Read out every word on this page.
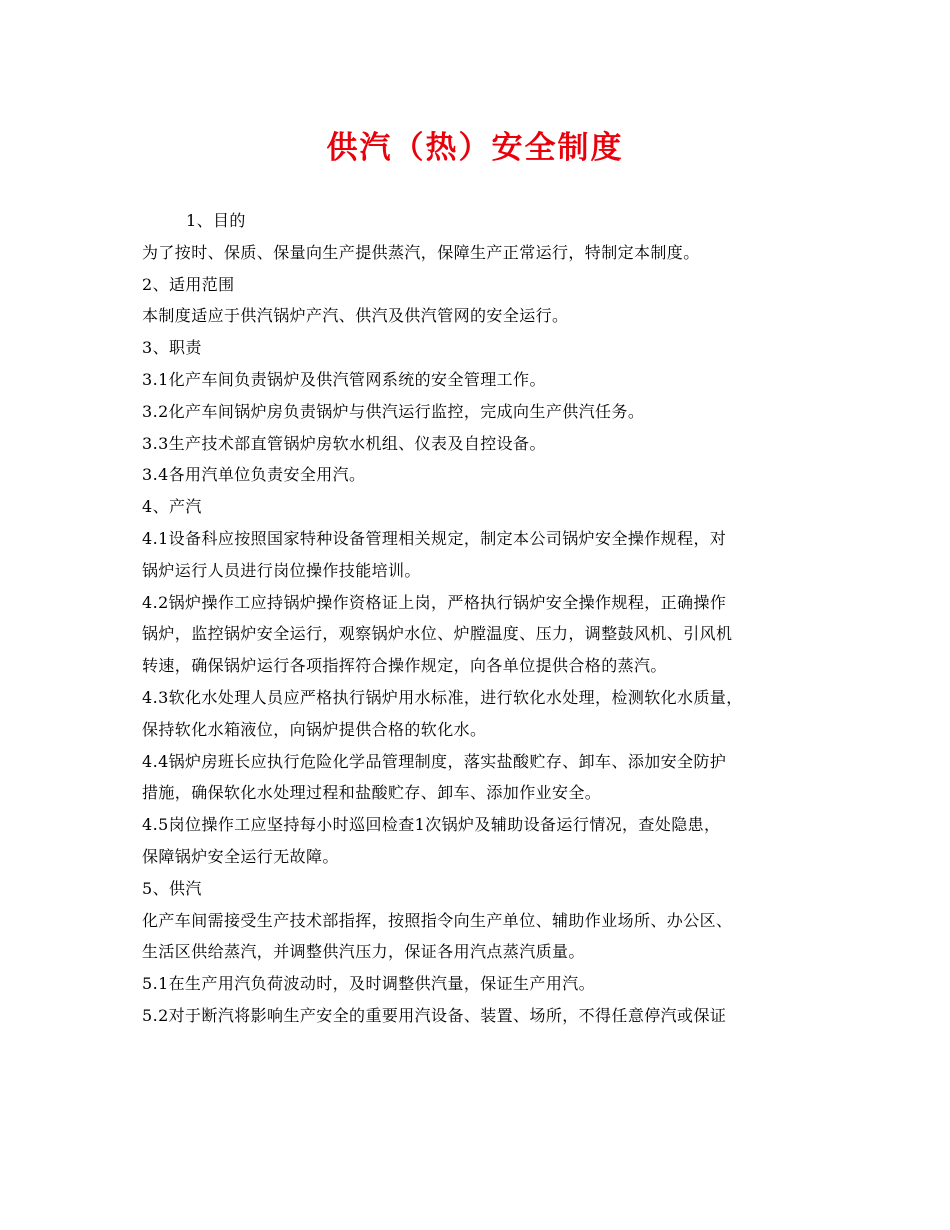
供汽（热）安全制度
1、目的
为了按时、保质、保量向生产提供蒸汽，保障生产正常运行，特制定本制度。
2、适用范围
本制度适应于供汽锅炉产汽、供汽及供汽管网的安全运行。
3、职责
3.1化产车间负责锅炉及供汽管网系统的安全管理工作。
3.2化产车间锅炉房负责锅炉与供汽运行监控，完成向生产供汽任务。
3.3生产技术部直管锅炉房软水机组、仪表及自控设备。
3.4各用汽单位负责安全用汽。
4、产汽
4.1设备科应按照国家特种设备管理相关规定，制定本公司锅炉安全操作规程，对
锅炉运行人员进行岗位操作技能培训。
4.2锅炉操作工应持锅炉操作资格证上岗，严格执行锅炉安全操作规程，正确操作
锅炉，监控锅炉安全运行，观察锅炉水位、炉膛温度、压力，调整鼓风机、引风机
转速，确保锅炉运行各项指挥符合操作规定，向各单位提供合格的蒸汽。
4.3软化水处理人员应严格执行锅炉用水标准，进行软化水处理，检测软化水质量，
保持软化水箱液位，向锅炉提供合格的软化水。
4.4锅炉房班长应执行危险化学品管理制度，落实盐酸贮存、卸车、添加安全防护
措施，确保软化水处理过程和盐酸贮存、卸车、添加作业安全。
4.5岗位操作工应坚持每小时巡回检查1次锅炉及辅助设备运行情况，查处隐患，
保障锅炉安全运行无故障。
5、供汽
化产车间需接受生产技术部指挥，按照指令向生产单位、辅助作业场所、办公区、
生活区供给蒸汽，并调整供汽压力，保证各用汽点蒸汽质量。
5.1在生产用汽负荷波动时，及时调整供汽量，保证生产用汽。
5.2对于断汽将影响生产安全的重要用汽设备、装置、场所，不得任意停汽或保证
